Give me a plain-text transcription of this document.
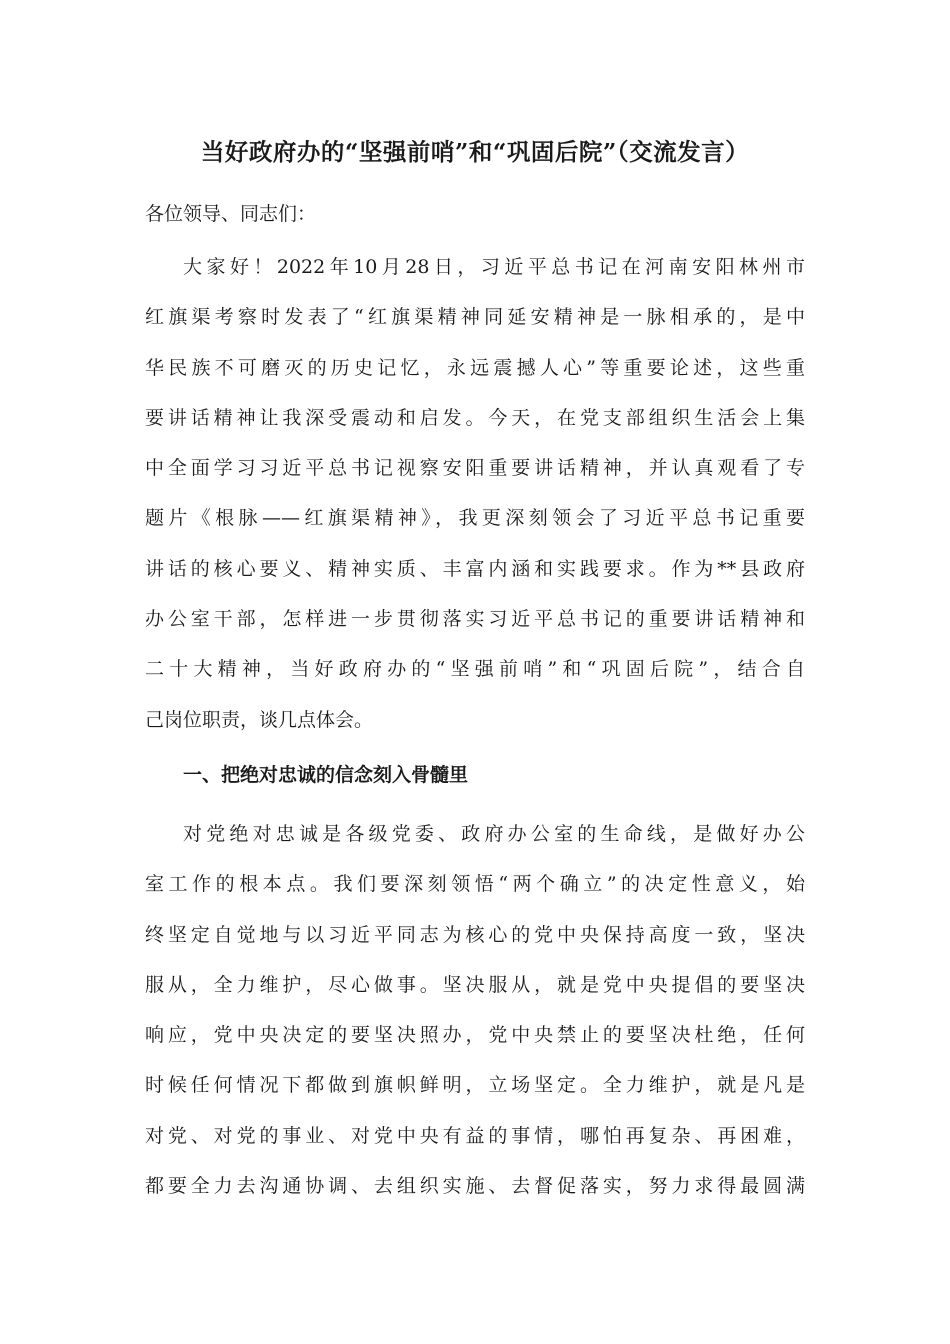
当好政府办的“坚强前哨”和“巩固后院”（交流发言）
各位领导、同志们：
大家好！2022年10月28日，习近平总书记在河南安阳林州市
红旗渠考察时发表了“红旗渠精神同延安精神是一脉相承的，是中
华民族不可磨灭的历史记忆，永远震撼人心”等重要论述，这些重
要讲话精神让我深受震动和启发。今天，在党支部组织生活会上集
中全面学习习近平总书记视察安阳重要讲话精神，并认真观看了专
题片《根脉——红旗渠精神》，我更深刻领会了习近平总书记重要
讲话的核心要义、精神实质、丰富内涵和实践要求。作为**县政府
办公室干部，怎样进一步贯彻落实习近平总书记的重要讲话精神和
二十大精神，当好政府办的“坚强前哨”和“巩固后院”，结合自
己岗位职责，谈几点体会。
一、把绝对忠诚的信念刻入骨髓里
对党绝对忠诚是各级党委、政府办公室的生命线，是做好办公
室工作的根本点。我们要深刻领悟“两个确立”的决定性意义，始
终坚定自觉地与以习近平同志为核心的党中央保持高度一致，坚决
服从，全力维护，尽心做事。坚决服从，就是党中央提倡的要坚决
响应，党中央决定的要坚决照办，党中央禁止的要坚决杜绝，任何
时候任何情况下都做到旗帜鲜明，立场坚定。全力维护，就是凡是
对党、对党的事业、对党中央有益的事情，哪怕再复杂、再困难，
都要全力去沟通协调、去组织实施、去督促落实，努力求得最圆满
